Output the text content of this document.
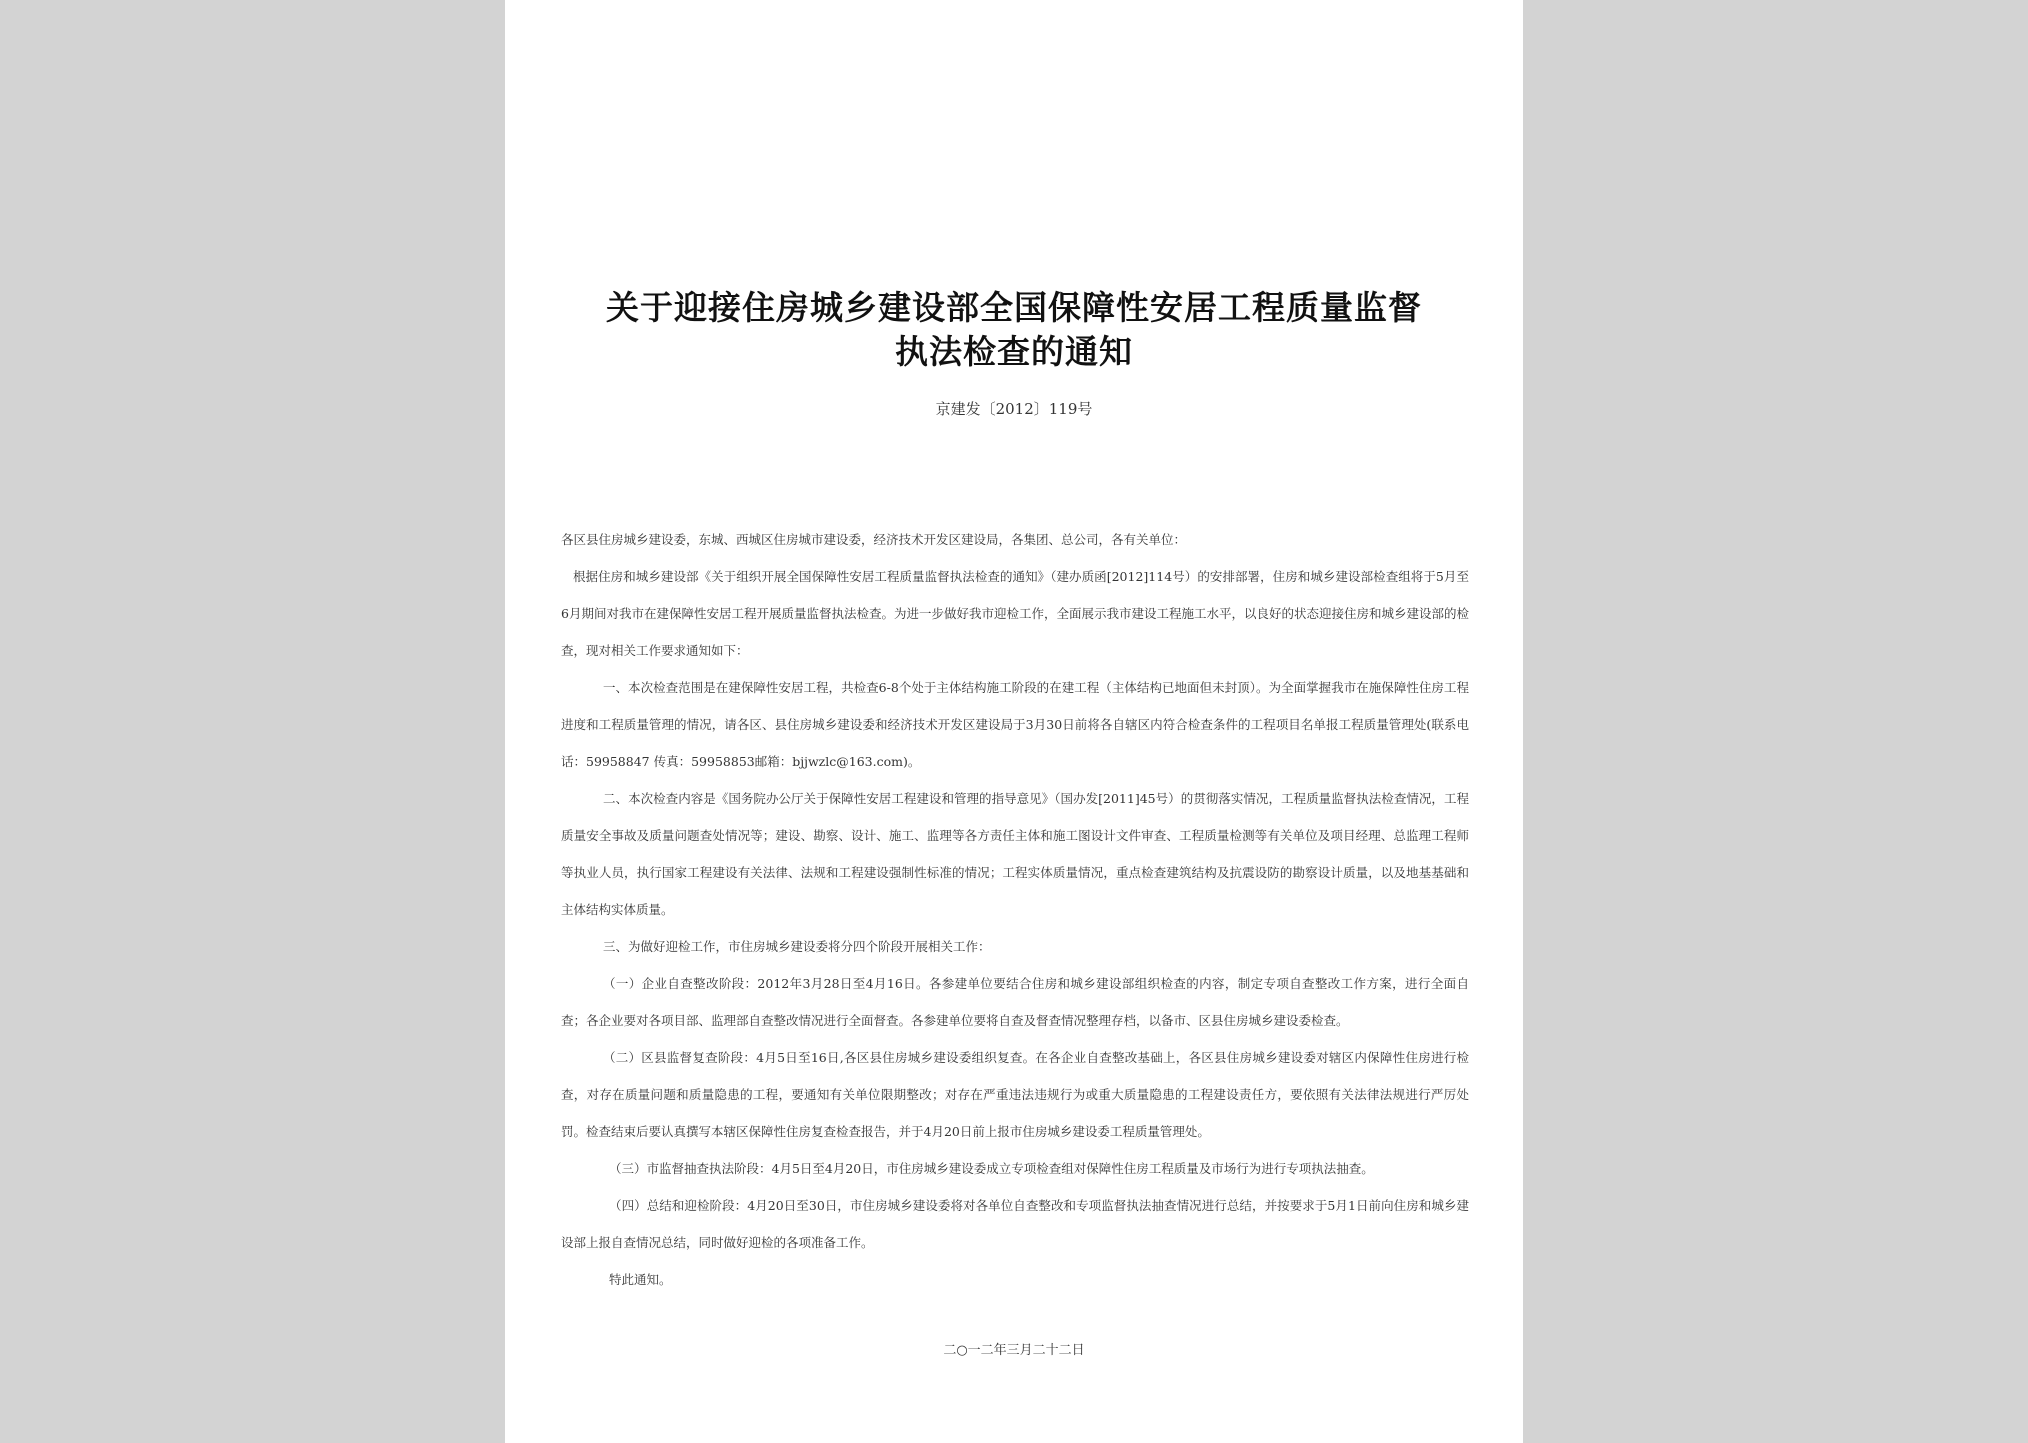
关于迎接住房城乡建设部全国保障性安居工程质量监督
执法检查的通知
京建发〔2012〕119号

各区县住房城乡建设委，东城、西城区住房城市建设委，经济技术开发区建设局，各集团、总公司，各有关单位：

根据住房和城乡建设部《关于组织开展全国保障性安居工程质量监督执法检查的通知》（建办质函[2012]114号）的安排部署，住房和城乡建设部检查组将于5月至6月期间对我市在建保障性安居工程开展质量监督执法检查。为进一步做好我市迎检工作，全面展示我市建设工程施工水平，以良好的状态迎接住房和城乡建设部的检查，现对相关工作要求通知如下：

一、本次检查范围是在建保障性安居工程，共检查6-8个处于主体结构施工阶段的在建工程（主体结构已地面但未封顶）。为全面掌握我市在施保障性住房工程进度和工程质量管理的情况，请各区、县住房城乡建设委和经济技术开发区建设局于3月30日前将各自辖区内符合检查条件的工程项目名单报工程质量管理处(联系电话：59958847 传真：59958853邮箱：bjjwzlc@163.com)。

二、本次检查内容是《国务院办公厅关于保障性安居工程建设和管理的指导意见》（国办发[2011]45号）的贯彻落实情况，工程质量监督执法检查情况，工程质量安全事故及质量问题查处情况等；建设、勘察、设计、施工、监理等各方责任主体和施工图设计文件审查、工程质量检测等有关单位及项目经理、总监理工程师等执业人员，执行国家工程建设有关法律、法规和工程建设强制性标准的情况；工程实体质量情况，重点检查建筑结构及抗震设防的勘察设计质量，以及地基基础和主体结构实体质量。

三、为做好迎检工作，市住房城乡建设委将分四个阶段开展相关工作：

（一）企业自查整改阶段：2012年3月28日至4月16日。各参建单位要结合住房和城乡建设部组织检查的内容，制定专项自查整改工作方案，进行全面自查；各企业要对各项目部、监理部自查整改情况进行全面督查。各参建单位要将自查及督查情况整理存档，以备市、区县住房城乡建设委检查。

（二）区县监督复查阶段：4月5日至16日,各区县住房城乡建设委组织复查。在各企业自查整改基础上，各区县住房城乡建设委对辖区内保障性住房进行检查，对存在质量问题和质量隐患的工程，要通知有关单位限期整改；对存在严重违法违规行为或重大质量隐患的工程建设责任方，要依照有关法律法规进行严厉处罚。检查结束后要认真撰写本辖区保障性住房复查检查报告，并于4月20日前上报市住房城乡建设委工程质量管理处。

（三）市监督抽查执法阶段：4月5日至4月20日，市住房城乡建设委成立专项检查组对保障性住房工程质量及市场行为进行专项执法抽查。

（四）总结和迎检阶段：4月20日至30日，市住房城乡建设委将对各单位自查整改和专项监督执法抽查情况进行总结，并按要求于5月1日前向住房和城乡建设部上报自查情况总结，同时做好迎检的各项准备工作。

特此通知。

二○一二年三月二十二日
